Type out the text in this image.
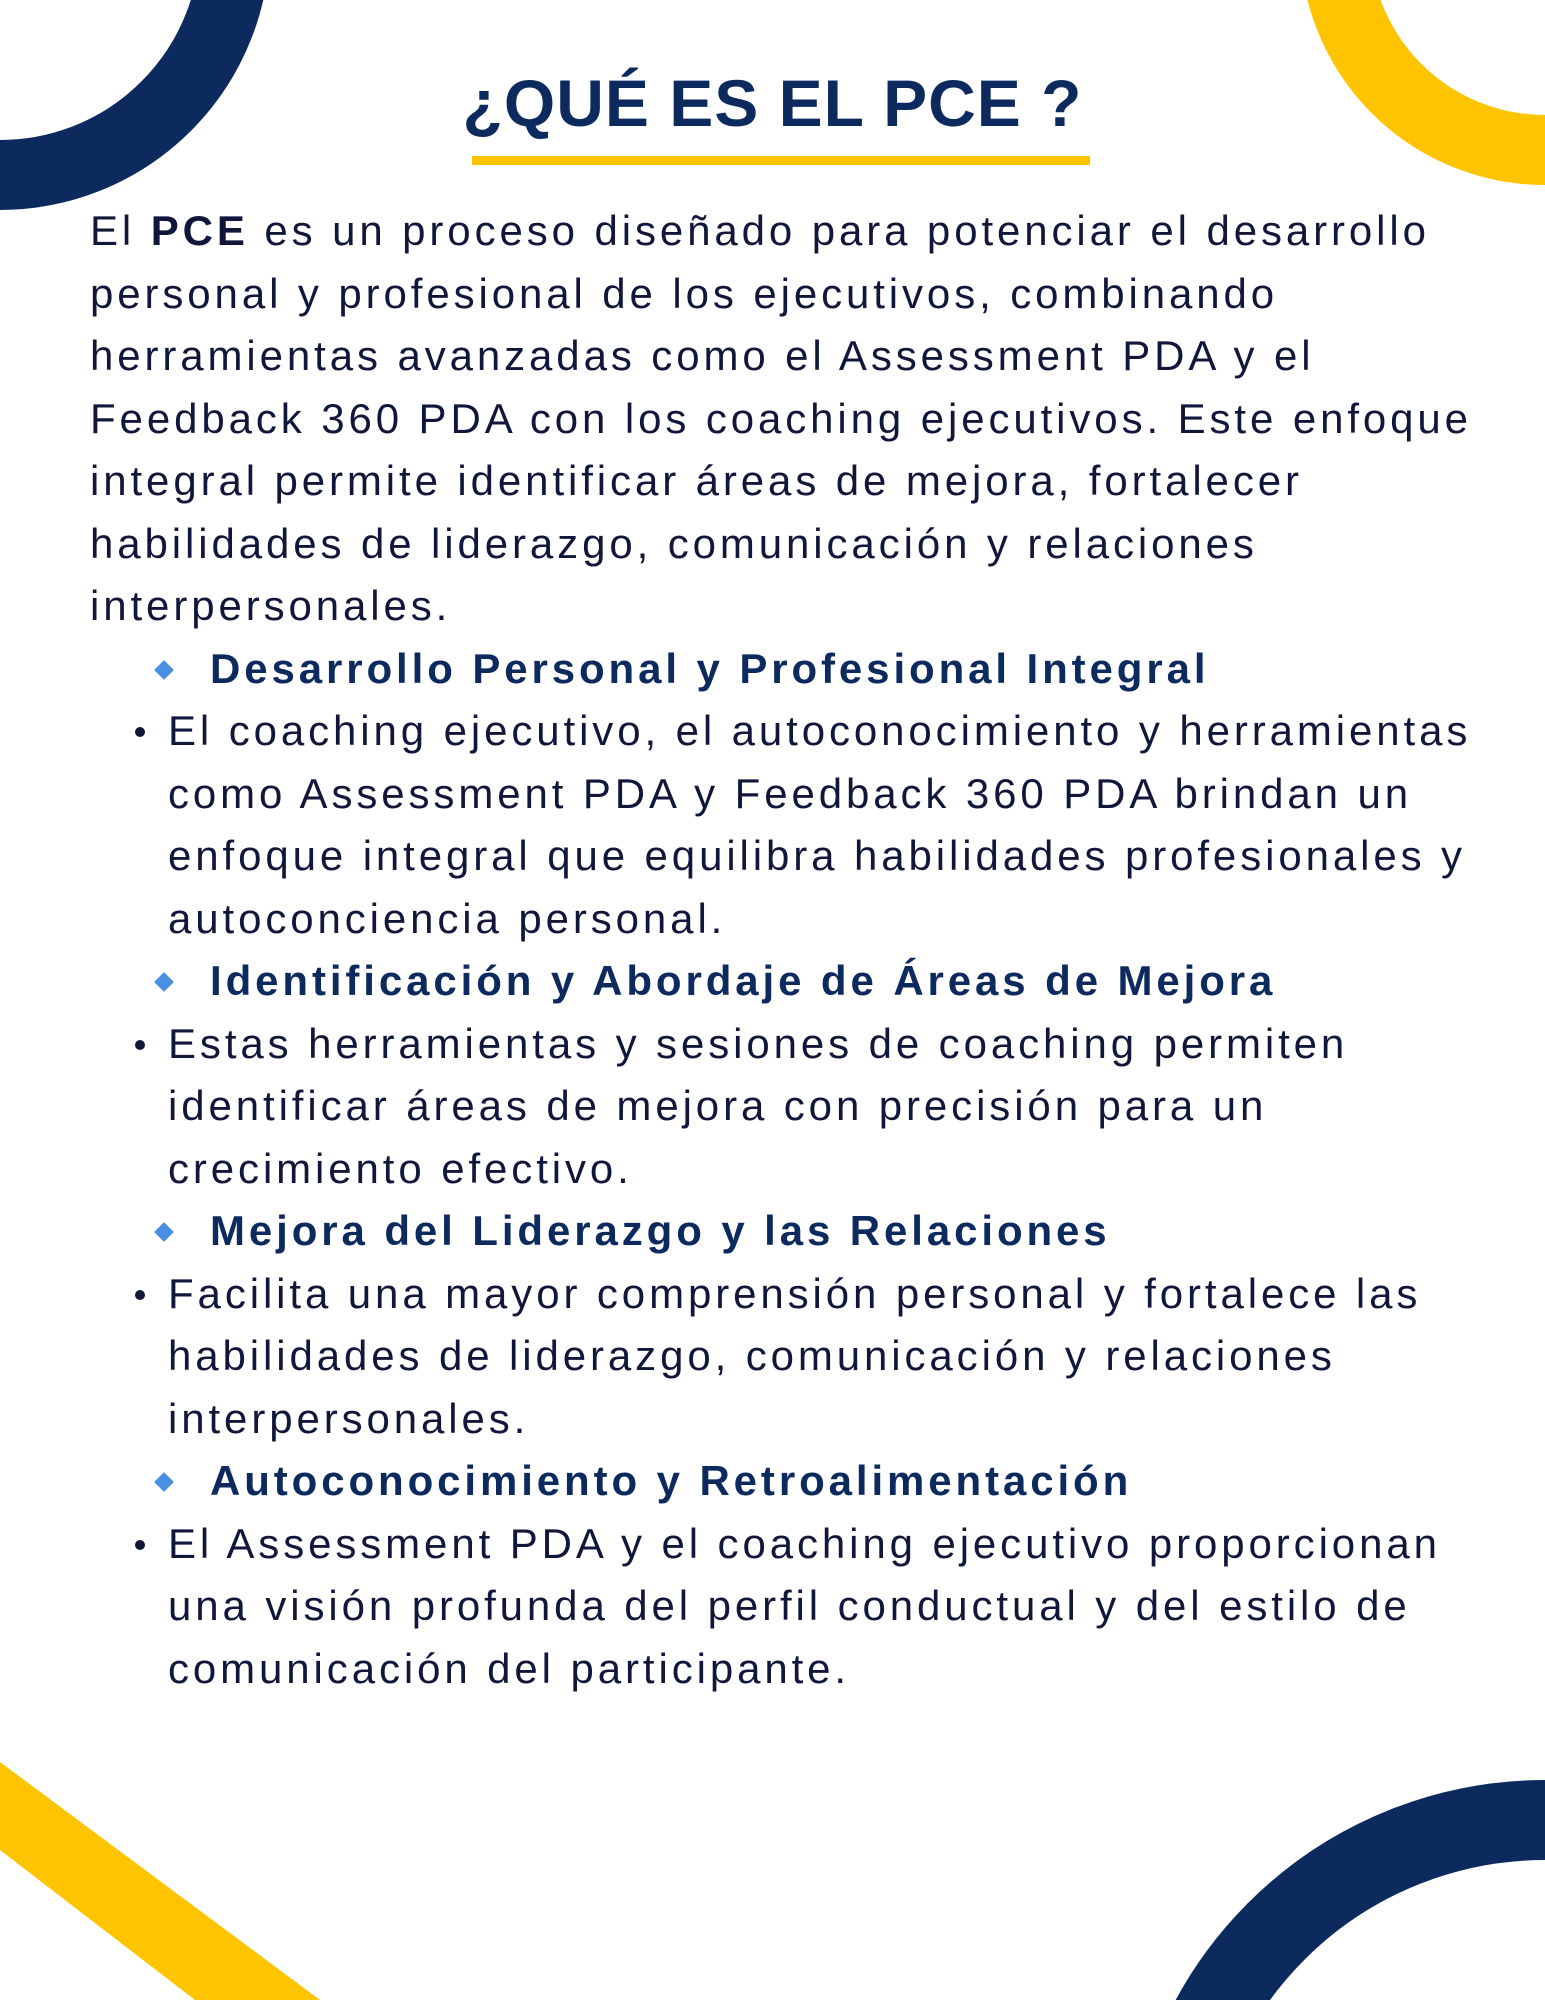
¿QUÉ ES EL PCE ?

El PCE es un proceso diseñado para potenciar el desarrollo personal y profesional de los ejecutivos, combinando herramientas avanzadas como el Assessment PDA y el Feedback 360 PDA con los coaching ejecutivos. Este enfoque integral permite identificar áreas de mejora, fortalecer habilidades de liderazgo, comunicación y relaciones interpersonales.

Desarrollo Personal y Profesional Integral

El coaching ejecutivo, el autoconocimiento y herramientas como Assessment PDA y Feedback 360 PDA brindan un enfoque integral que equilibra habilidades profesionales y autoconciencia personal.

Identificación y Abordaje de Áreas de Mejora

Estas herramientas y sesiones de coaching permiten identificar áreas de mejora con precisión para un crecimiento efectivo.

Mejora del Liderazgo y las Relaciones

Facilita una mayor comprensión personal y fortalece las habilidades de liderazgo, comunicación y relaciones interpersonales.

Autoconocimiento y Retroalimentación

El Assessment PDA y el coaching ejecutivo proporcionan una visión profunda del perfil conductual y del estilo de comunicación del participante.
